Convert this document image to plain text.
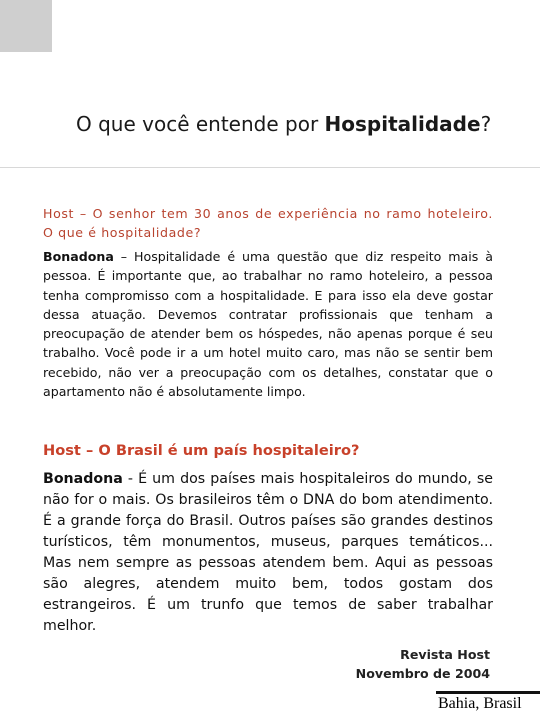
O que você entende por Hospitalidade?

Host – O senhor tem 30 anos de experiência no ramo hoteleiro. O que é hospitalidade?

Bonadona – Hospitalidade é uma questão que diz respeito mais à pessoa. É importante que, ao trabalhar no ramo hoteleiro, a pessoa tenha compromisso com a hospitalidade. E para isso ela deve gostar dessa atuação. Devemos contratar profissionais que tenham a preocupação de atender bem os hóspedes, não apenas porque é seu trabalho. Você pode ir a um hotel muito caro, mas não se sentir bem recebido, não ver a preocupação com os detalhes, constatar que o apartamento não é absolutamente limpo.

Host – O Brasil é um país hospitaleiro?

Bonadona - É um dos países mais hospitaleiros do mundo, se não for o mais. Os brasileiros têm o DNA do bom atendimento. É a grande força do Brasil. Outros países são grandes destinos turísticos, têm monumentos, museus, parques temáticos... Mas nem sempre as pessoas atendem bem. Aqui as pessoas são alegres, atendem muito bem, todos gostam dos estrangeiros. É um trunfo que temos de saber trabalhar melhor.

Revista Host
Novembro de 2004
Bahia, Brasil
